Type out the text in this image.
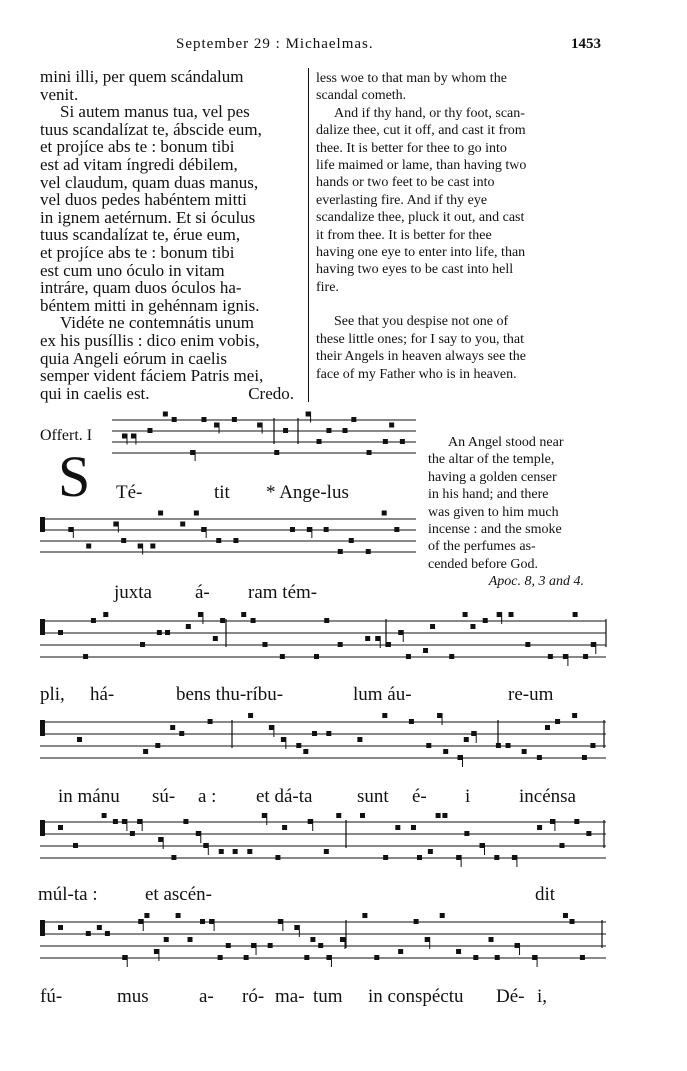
September 29 : Michaelmas.	1453

mini illi, per quem scándalum

venit.

Si autem manus tua, vel pes

tuus scandalízat te, ábscide eum,

et projíce abs te : bonum tibi

est ad vitam íngredi débilem,

vel claudum, quam duas manus,

vel duos pedes habéntem mitti

in ignem aetérnum. Et si óculus

tuus scandalízat te, érue eum,

et projíce abs te : bonum tibi

est cum uno óculo in vitam

intráre, quam duos óculos ha-

béntem mitti in gehénnam ignis.

Vidéte ne contemnátis unum

ex his pusíllis : dico enim vobis,

quia Angeli eórum in caelis

semper vident fáciem Patris mei,

qui in caelis est.	Credo.

less woe to that man by whom the

scandal cometh.

And if thy hand, or thy foot, scan-

dalize thee, cut it off, and cast it from

thee. It is better for thee to go into

life maimed or lame, than having two

hands or two feet to be cast into

everlasting fire. And if thy eye

scandalize thee, pluck it out, and cast

it from thee. It is better for thee

having one eye to enter into life, than

having two eyes to be cast into hell

fire.

See that you despise not one of

these little ones; for I say to you, that

their Angels in heaven always see the

face of my Father who is in heaven.

Offert. I
S

An Angel stood near

the altar of the temple,

having a golden censer

in his hand; and there

was given to him much

incense : and the smoke

of the perfumes as-

cended before God.

Apoc. 8, 3 and 4.

Té-	tit * Ange-lus
juxta á- ram tém-
pli, há-	bens thu-ríbu-	lum áu-	re-um
in mánu sú- a : et dá-ta sunt é- i	incénsa
múl-ta : et ascén-	dit
fú-	mus	a- ró- ma- tum in conspéctu Dé- i,
